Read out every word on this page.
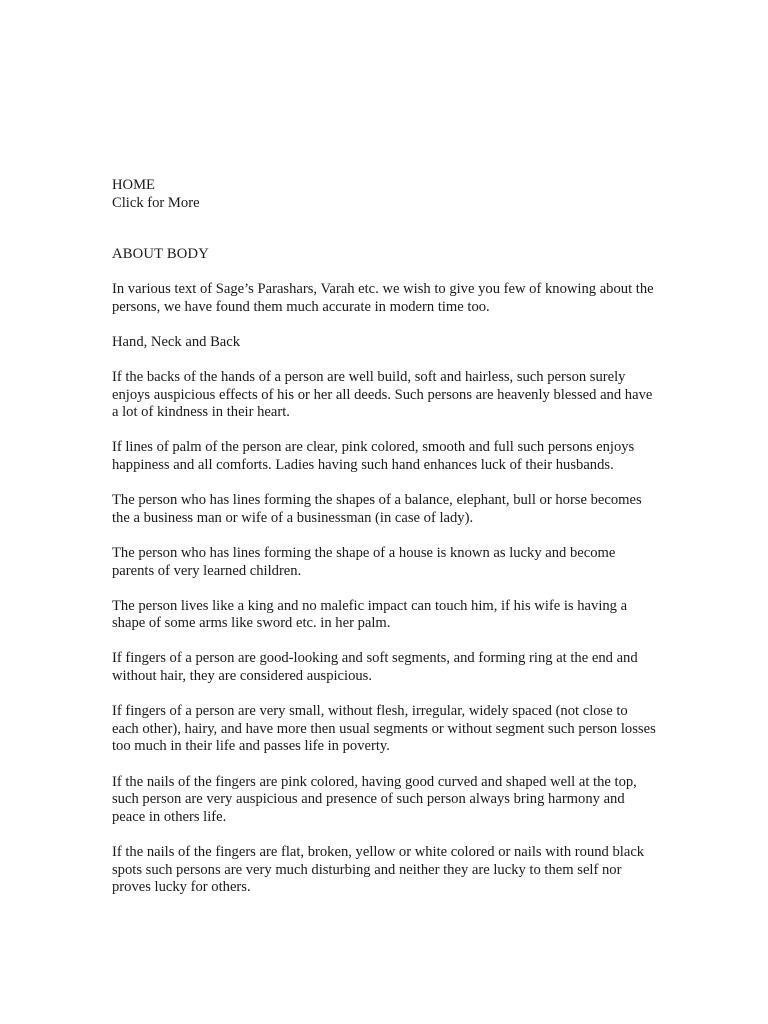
HOME
Click for More
ABOUT BODY

In various text of Sage’s Parashars, Varah etc. we wish to give you few of knowing about the persons, we have found them much accurate in modern time too.

Hand, Neck and Back

If the backs of the hands of a person are well build, soft and hairless, such person surely enjoys auspicious effects of his or her all deeds. Such persons are heavenly blessed and have a lot of kindness in their heart.

If lines of palm of the person are clear, pink colored, smooth and full such persons enjoys happiness and all comforts. Ladies having such hand enhances luck of their husbands.

The person who has lines forming the shapes of a balance, elephant, bull or horse becomes the a business man or wife of a businessman (in case of lady).

The person who has lines forming the shape of a house is known as lucky and become parents of very learned children.

The person lives like a king and no malefic impact can touch him, if his wife is having a shape of some arms like sword etc. in her palm.

If fingers of a person are good-looking and soft segments, and forming ring at the end and without hair, they are considered auspicious.

If fingers of a person are very small, without flesh, irregular, widely spaced (not close to each other), hairy, and have more then usual segments or without segment such person losses too much in their life and passes life in poverty.

If the nails of the fingers are pink colored, having good curved and shaped well at the top, such person are very auspicious and presence of such person always bring harmony and peace in others life.

If the nails of the fingers are flat, broken, yellow or white colored or nails with round black spots such persons are very much disturbing and neither they are lucky to them self nor proves lucky for others.
